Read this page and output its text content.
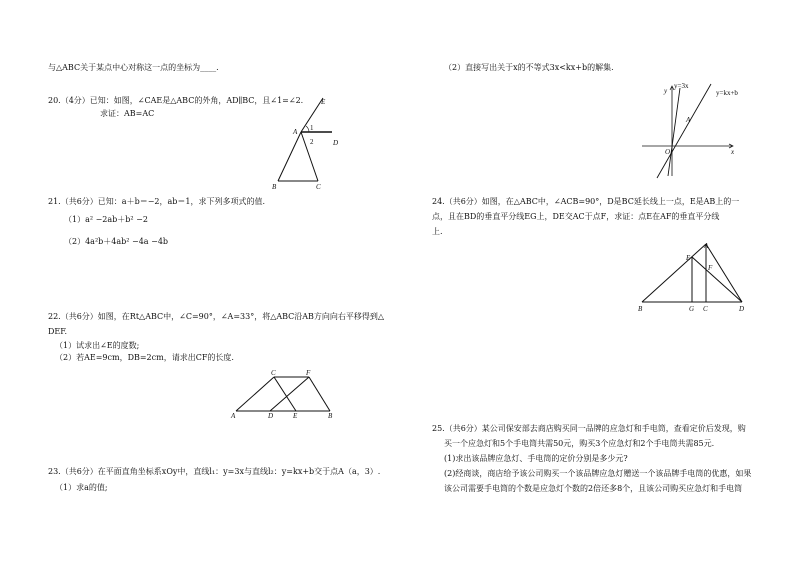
与△ABC关于某点中心对称这一点的坐标为____.
20.（4分）已知：如图，∠CAE是△ABC的外角，AD∥BC，且∠1=∠2.
求证：AB=AC
E
A 1
2	D
B	C
21.（共6分）已知：a＋b＝−2，ab＝1，求下列多项式的值.
（1）a² −2ab＋b² −2
（2）4a²b＋4ab² −4a −4b
22.（共6分）如图，在Rt△ABC中，∠C=90°，∠A=33°，将△ABC沿AB方向向右平移得到△
DEF.
（1）试求出∠E的度数;
（2）若AE=9cm，DB=2cm，请求出CF的长度.
C	F
A	D	E	B
23.（共6分）在平面直角坐标系xOy中，直线l₁：y=3x与直线l₂：y=kx+b交于点A（a，3）.
（1）求a的值;
（2）直接写出关于x的不等式3x<kx+b的解集.
y
x
O
A
y=3x
y=kx+b
24.（共6分）如图，在△ABC中，∠ACB=90°，D是BC延长线上一点，E是AB上的一
点，且在BD的垂直平分线EG上，DE交AC于点F，求证：点E在AF的垂直平分线
上.
A
E
F
B	G C	D
25.（共6分）某公司保安部去商店购买同一品牌的应急灯和手电筒，查看定价后发现，购
买一个应急灯和5个手电筒共需50元，购买3个应急灯和2个手电筒共需85元.
(1)求出该品牌应急灯、手电筒的定价分别是多少元?
(2)经商谈，商店给予该公司购买一个该品牌应急灯赠送一个该品牌手电筒的优惠，如果
该公司需要手电筒的个数是应急灯个数的2倍还多8个，且该公司购买应急灯和手电筒
